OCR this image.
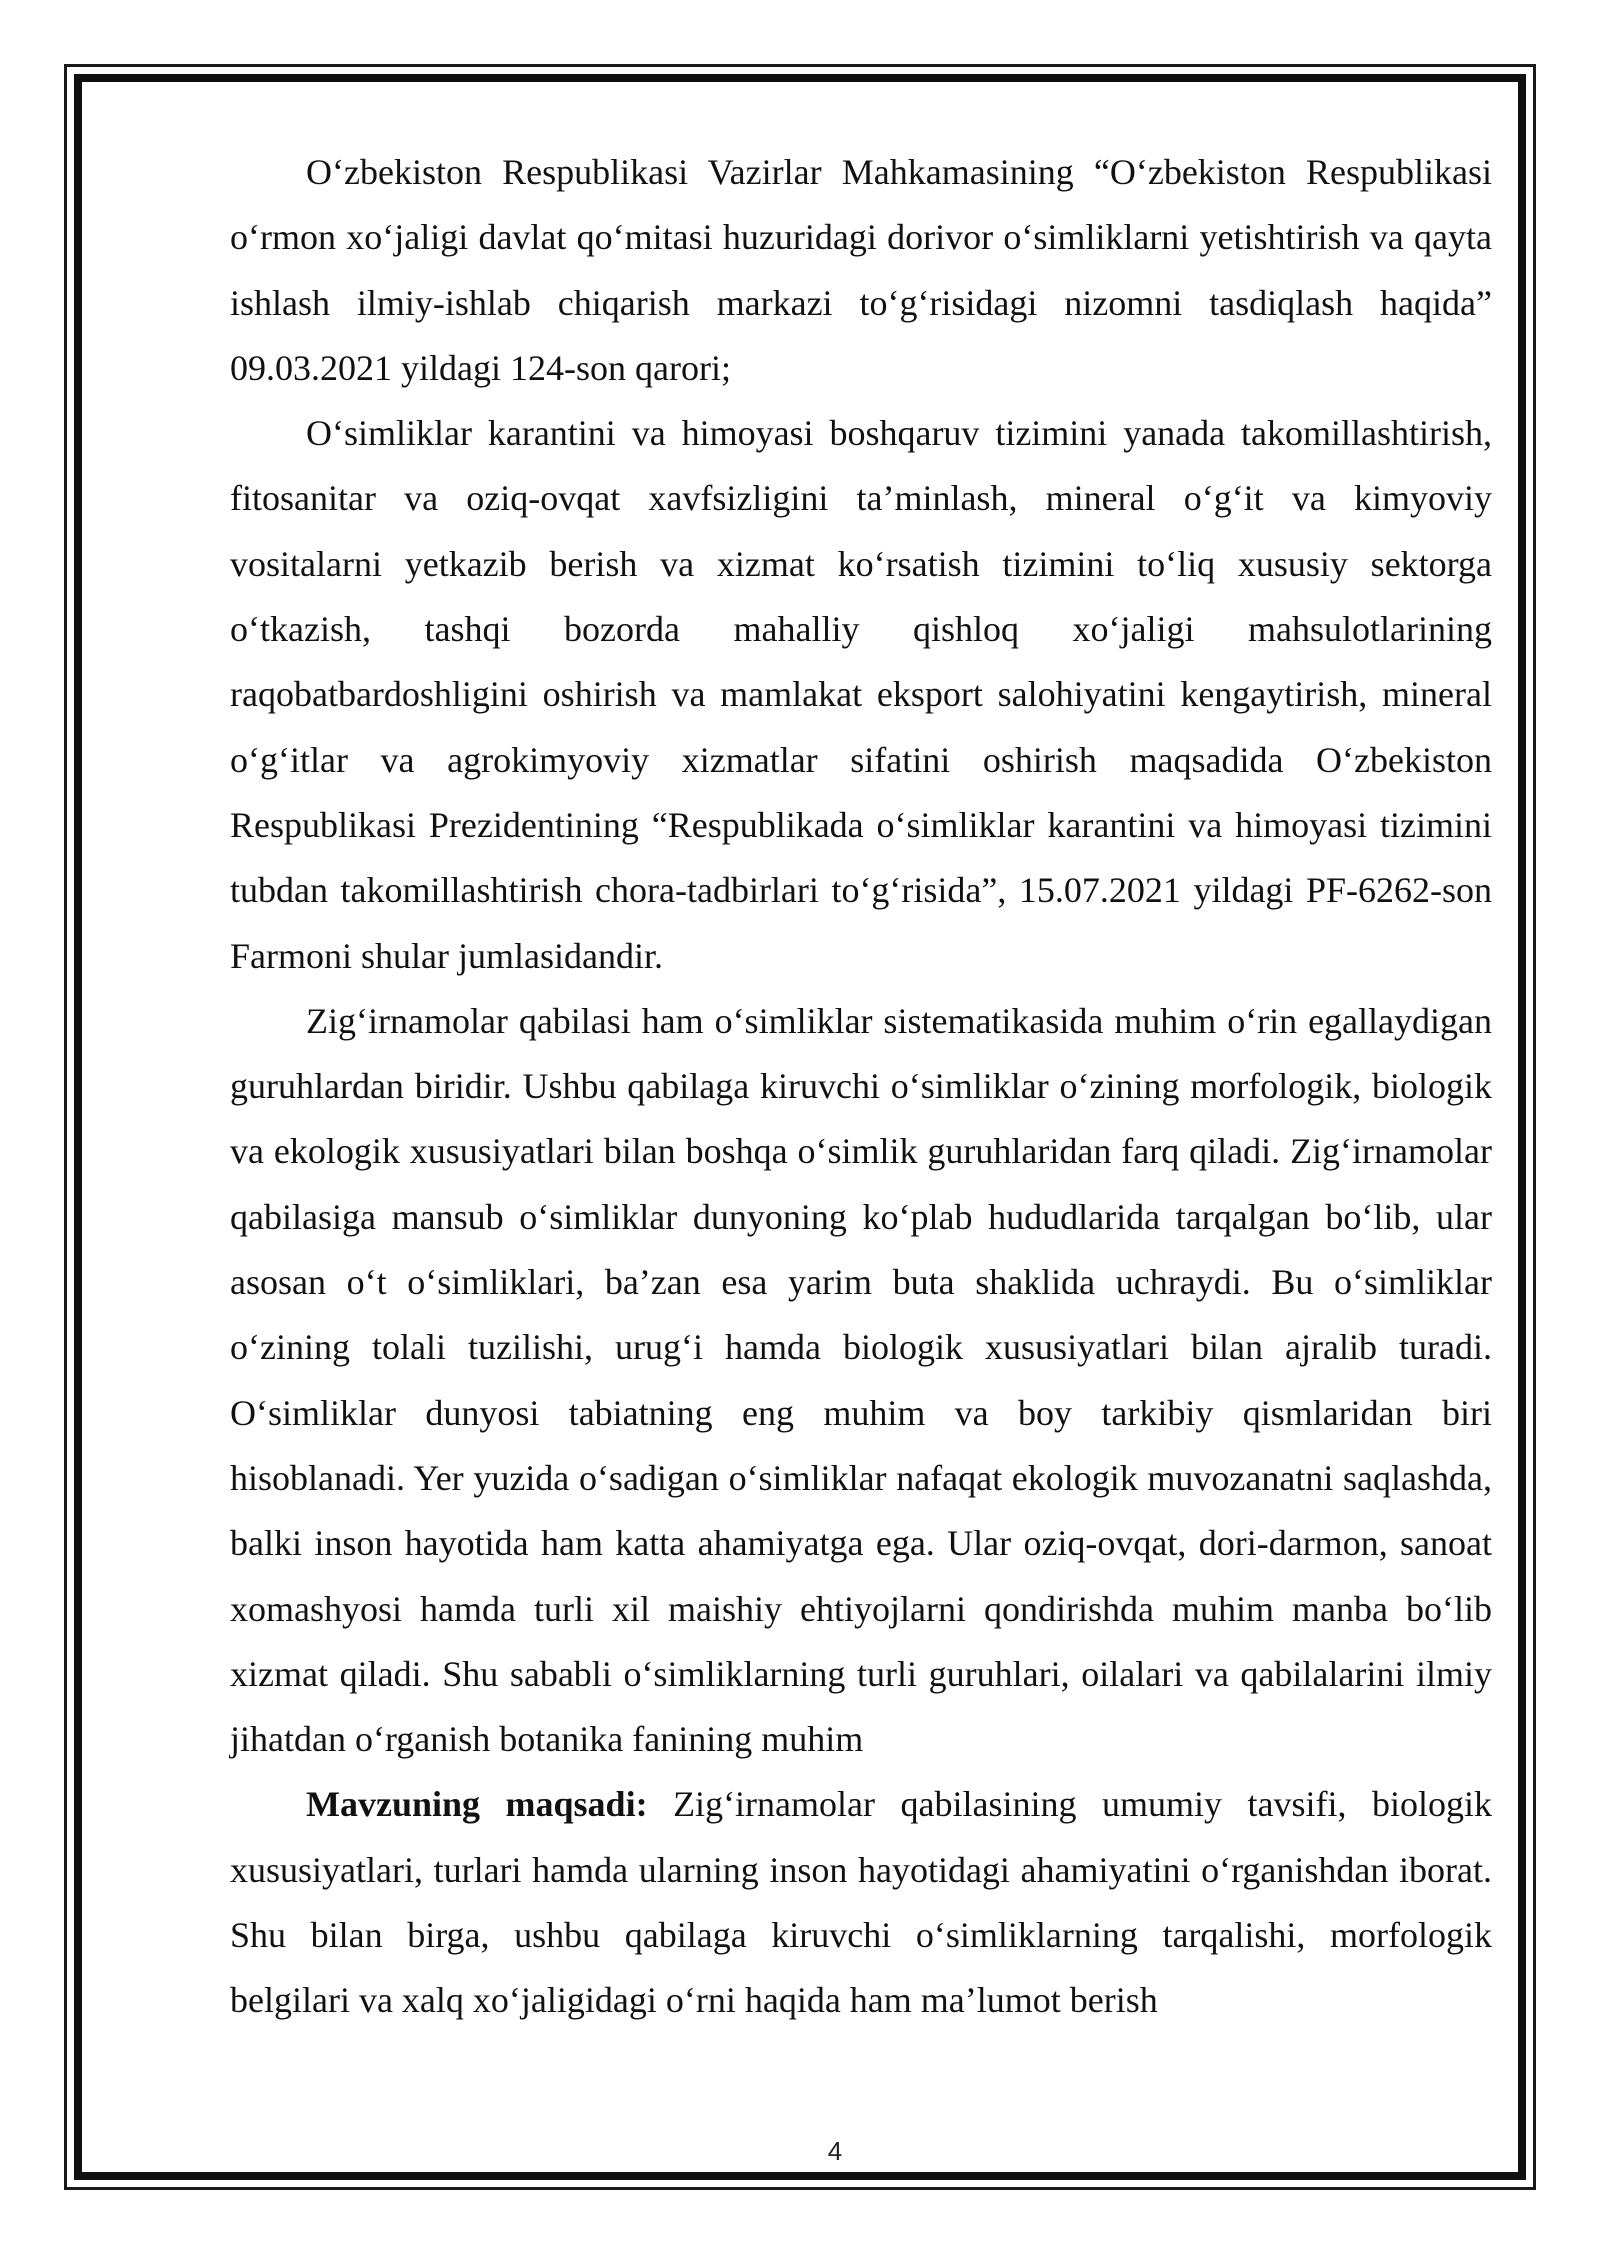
O‘zbekiston Respublikasi Vazirlar Mahkamasining “O‘zbekiston Respublikasi o‘rmon xo‘jaligi davlat qo‘mitasi huzuridagi dorivor o‘simliklarni yetishtirish va qayta ishlash ilmiy-ishlab chiqarish markazi to‘g‘risidagi nizomni tasdiqlash haqida” 09.03.2021 yildagi 124-son qarori;

O‘simliklar karantini va himoyasi boshqaruv tizimini yanada takomillashtirish, fitosanitar va oziq-ovqat xavfsizligini ta’minlash, mineral o‘g‘it va kimyoviy vositalarni yetkazib berish va xizmat ko‘rsatish tizimini to‘liq xususiy sektorga o‘tkazish, tashqi bozorda mahalliy qishloq xo‘jaligi mahsulotlarining raqobatbardoshligini oshirish va mamlakat eksport salohiyatini kengaytirish, mineral o‘g‘itlar va agrokimyoviy xizmatlar sifatini oshirish maqsadida O‘zbekiston Respublikasi Prezidentining “Respublikada o‘simliklar karantini va himoyasi tizimini tubdan takomillashtirish chora-tadbirlari to‘g‘risida”, 15.07.2021 yildagi PF-6262-son Farmoni shular jumlasidandir.

Zig‘irnamolar qabilasi ham o‘simliklar sistematikasida muhim o‘rin egallaydigan guruhlardan biridir. Ushbu qabilaga kiruvchi o‘simliklar o‘zining morfologik, biologik va ekologik xususiyatlari bilan boshqa o‘simlik guruhlaridan farq qiladi. Zig‘irnamolar qabilasiga mansub o‘simliklar dunyoning ko‘plab hududlarida tarqalgan bo‘lib, ular asosan o‘t o‘simliklari, ba’zan esa yarim buta shaklida uchraydi. Bu o‘simliklar o‘zining tolali tuzilishi, urug‘i hamda biologik xususiyatlari bilan ajralib turadi. O‘simliklar dunyosi tabiatning eng muhim va boy tarkibiy qismlaridan biri hisoblanadi. Yer yuzida o‘sadigan o‘simliklar nafaqat ekologik muvozanatni saqlashda, balki inson hayotida ham katta ahamiyatga ega. Ular oziq-ovqat, dori-darmon, sanoat xomashyosi hamda turli xil maishiy ehtiyojlarni qondirishda muhim manba bo‘lib xizmat qiladi. Shu sababli o‘simliklarning turli guruhlari, oilalari va qabilalarini ilmiy jihatdan o‘rganish botanika fanining muhim

Mavzuning maqsadi: Zig‘irnamolar qabilasining umumiy tavsifi, biologik xususiyatlari, turlari hamda ularning inson hayotidagi ahamiyatini o‘rganishdan iborat. Shu bilan birga, ushbu qabilaga kiruvchi o‘simliklarning tarqalishi, morfologik belgilari va xalq xo‘jaligidagi o‘rni haqida ham ma’lumot berish

4
